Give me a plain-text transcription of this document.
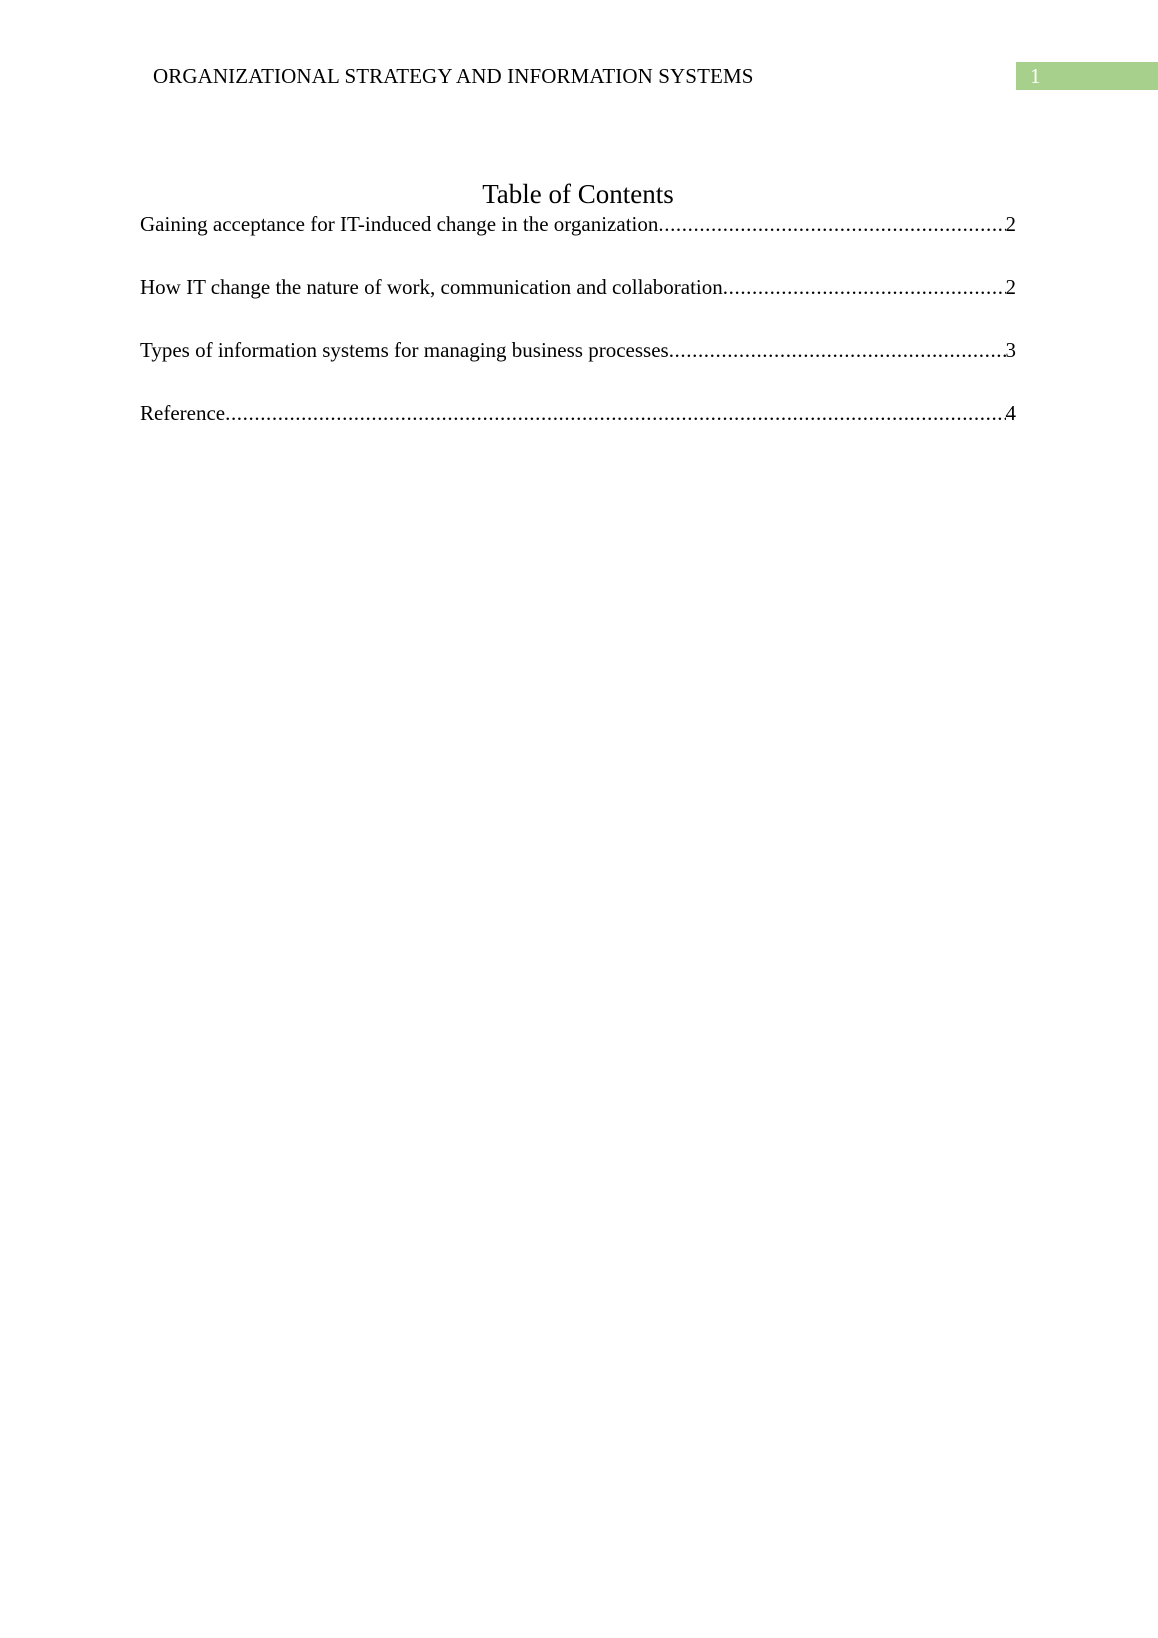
ORGANIZATIONAL STRATEGY AND INFORMATION SYSTEMS	1
Table of Contents
Gaining acceptance for IT-induced change in the organization .....	2
How IT change the nature of work, communication and collaboration .....	2
Types of information systems for managing business processes .....	3
Reference .....	4
